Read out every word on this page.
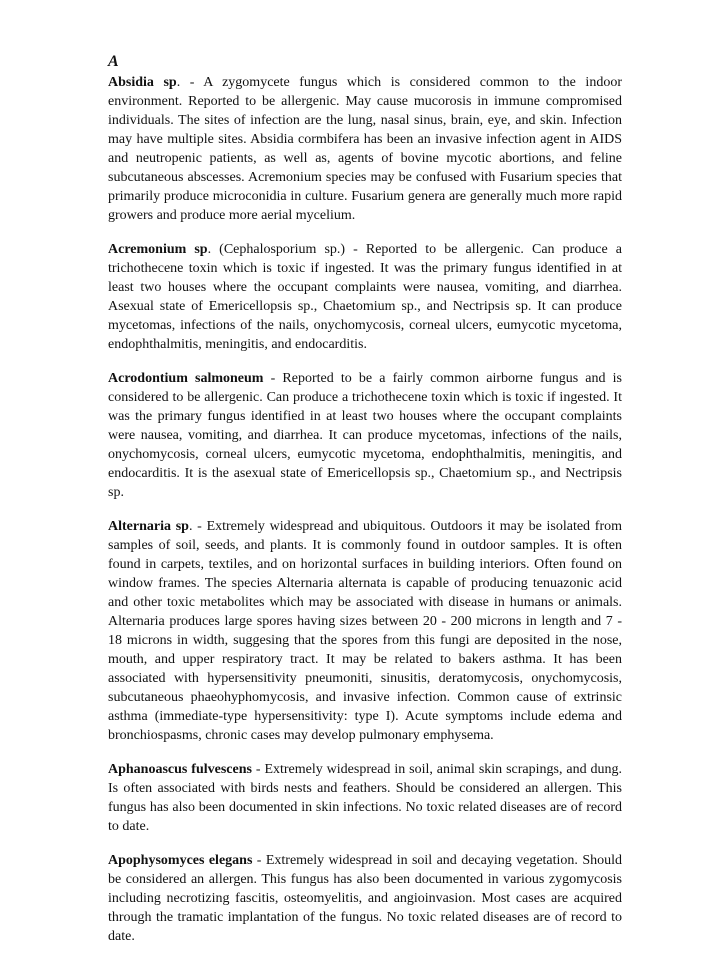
A

Absidia sp. - A zygomycete fungus which is considered common to the indoor environment. Reported to be allergenic. May cause mucorosis in immune compromised individuals. The sites of infection are the lung, nasal sinus, brain, eye, and skin. Infection may have multiple sites. Absidia cormbifera has been an invasive infection agent in AIDS and neutropenic patients, as well as, agents of bovine mycotic abortions, and feline subcutaneous abscesses. Acremonium species may be confused with Fusarium species that primarily produce microconidia in culture. Fusarium genera are generally much more rapid growers and produce more aerial mycelium.

Acremonium sp. (Cephalosporium sp.) - Reported to be allergenic. Can produce a trichothecene toxin which is toxic if ingested. It was the primary fungus identified in at least two houses where the occupant complaints were nausea, vomiting, and diarrhea. Asexual state of Emericellopsis sp., Chaetomium sp., and Nectripsis sp. It can produce mycetomas, infections of the nails, onychomycosis, corneal ulcers, eumycotic mycetoma, endophthalmitis, meningitis, and endocarditis.

Acrodontium salmoneum - Reported to be a fairly common airborne fungus and is considered to be allergenic. Can produce a trichothecene toxin which is toxic if ingested. It was the primary fungus identified in at least two houses where the occupant complaints were nausea, vomiting, and diarrhea. It can produce mycetomas, infections of the nails, onychomycosis, corneal ulcers, eumycotic mycetoma, endophthalmitis, meningitis, and endocarditis. It is the asexual state of Emericellopsis sp., Chaetomium sp., and Nectripsis sp.

Alternaria sp. - Extremely widespread and ubiquitous. Outdoors it may be isolated from samples of soil, seeds, and plants. It is commonly found in outdoor samples. It is often found in carpets, textiles, and on horizontal surfaces in building interiors. Often found on window frames. The species Alternaria alternata is capable of producing tenuazonic acid and other toxic metabolites which may be associated with disease in humans or animals. Alternaria produces large spores having sizes between 20 - 200 microns in length and 7 - 18 microns in width, suggesing that the spores from this fungi are deposited in the nose, mouth, and upper respiratory tract. It may be related to bakers asthma. It has been associated with hypersensitivity pneumoniti, sinusitis, deratomycosis, onychomycosis, subcutaneous phaeohyphomycosis, and invasive infection. Common cause of extrinsic asthma (immediate-type hypersensitivity: type I). Acute symptoms include edema and bronchiospasms, chronic cases may develop pulmonary emphysema.

Aphanoascus fulvescens - Extremely widespread in soil, animal skin scrapings, and dung. Is often associated with birds nests and feathers. Should be considered an allergen. This fungus has also been documented in skin infections. No toxic related diseases are of record to date.

Apophysomyces elegans - Extremely widespread in soil and decaying vegetation. Should be considered an allergen. This fungus has also been documented in various zygomycosis including necrotizing fascitis, osteomyelitis, and angioinvasion. Most cases are acquired through the tramatic implantation of the fungus. No toxic related diseases are of record to date.
